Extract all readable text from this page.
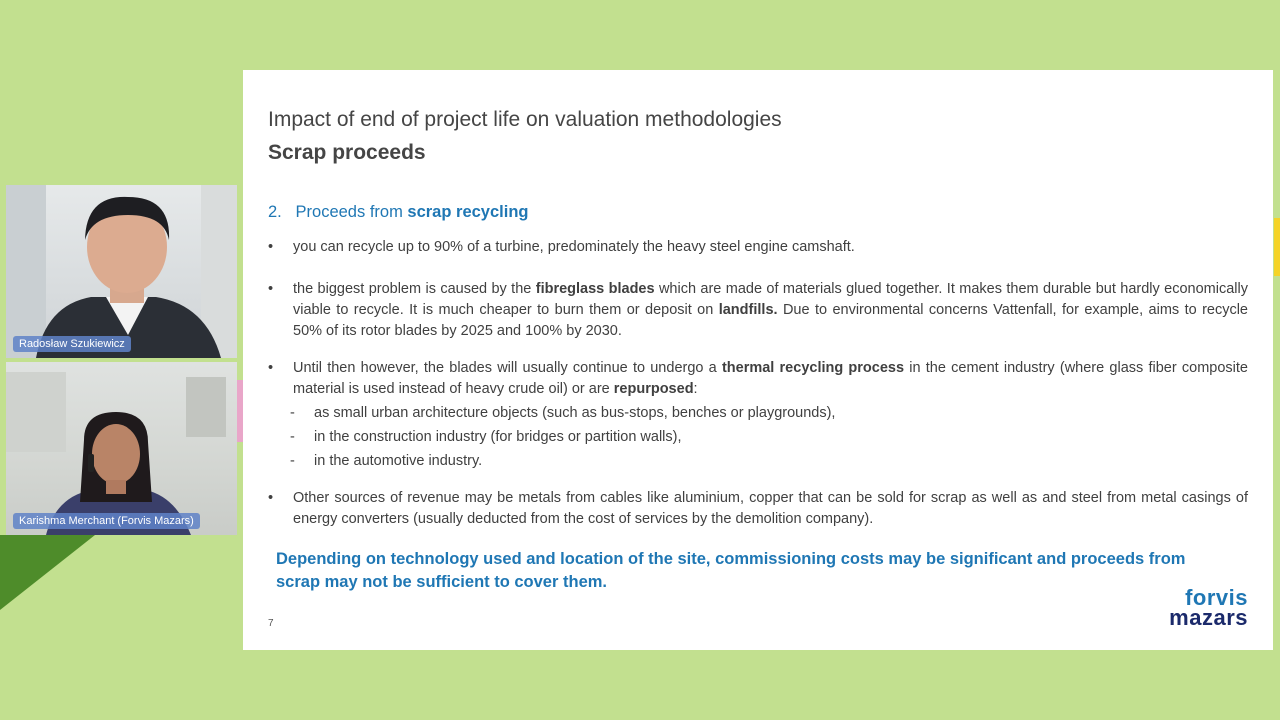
Radosław Szukiewicz
Karishma Merchant (Forvis Mazars)
Impact of end of project life on valuation methodologies
Scrap proceeds
2. Proceeds from scrap recycling
• you can recycle up to 90% of a turbine, predominately the heavy steel engine camshaft.
• the biggest problem is caused by the fibreglass blades which are made of materials glued together. It makes them durable but hardly economically viable to recycle. It is much cheaper to burn them or deposit on landfills. Due to environmental concerns Vattenfall, for example, aims to recycle 50% of its rotor blades by 2025 and 100% by 2030.
• Until then however, the blades will usually continue to undergo a thermal recycling process in the cement industry (where glass fiber composite material is used instead of heavy crude oil) or are repurposed:
- as small urban architecture objects (such as bus-stops, benches or playgrounds),
- in the construction industry (for bridges or partition walls),
- in the automotive industry.
• Other sources of revenue may be metals from cables like aluminium, copper that can be sold for scrap as well as and steel from metal casings of energy converters (usually deducted from the cost of services by the demolition company).
Depending on technology used and location of the site, commissioning costs may be significant and proceeds from scrap may not be sufficient to cover them.
7
forvis
mazars
